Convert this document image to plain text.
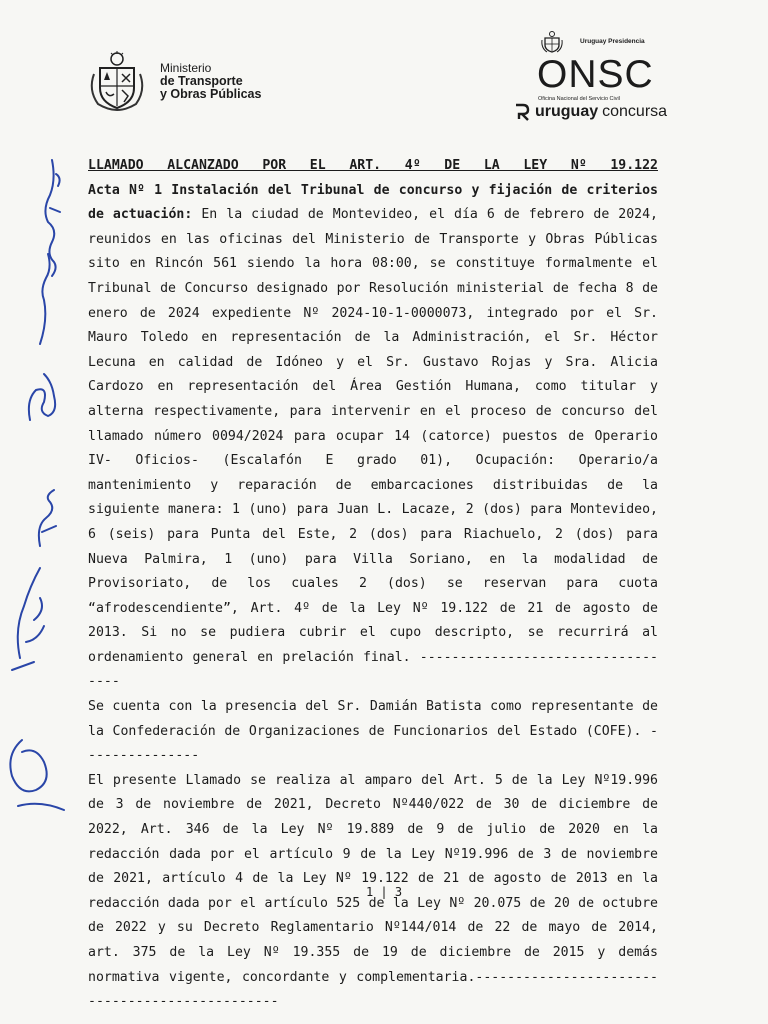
Ministerio
de Transporte
y Obras Públicas
Uruguay Presidencia
ONSC
Oficina Nacional del Servicio Civil
uruguay concursa

LLAMADO ALCANZADO POR EL ART. 4º DE LA LEY Nº 19.122

Acta Nº 1 Instalación del Tribunal de concurso y fijación de criterios de actuación: En la ciudad de Montevideo, el día 6 de febrero de 2024, reunidos en las oficinas del Ministerio de Transporte y Obras Públicas sito en Rincón 561 siendo la hora 08:00, se constituye formalmente el Tribunal de Concurso designado por Resolución ministerial de fecha 8 de enero de 2024 expediente Nº 2024-10-1-0000073, integrado por el Sr. Mauro Toledo en representación de la Administración, el Sr. Héctor Lecuna en calidad de Idóneo y el Sr. Gustavo Rojas y Sra. Alicia Cardozo en representación del Área Gestión Humana, como titular y alterna respectivamente, para intervenir en el proceso de concurso del llamado número 0094/2024 para ocupar 14 (catorce) puestos de Operario IV- Oficios- (Escalafón E grado 01), Ocupación: Operario/a mantenimiento y reparación de embarcaciones distribuidas de la siguiente manera: 1 (uno) para Juan L. Lacaze, 2 (dos) para Montevideo, 6 (seis) para Punta del Este, 2 (dos) para Riachuelo, 2 (dos) para Nueva Palmira, 1 (uno) para Villa Soriano, en la modalidad de Provisoriato, de los cuales 2 (dos) se reservan para cuota “afrodescendiente”, Art. 4º de la Ley Nº 19.122 de 21 de agosto de 2013. Si no se pudiera cubrir el cupo descripto, se recurrirá al ordenamiento general en prelación final. ----------------------------------

Se cuenta con la presencia del Sr. Damián Batista como representante de la Confederación de Organizaciones de Funcionarios del Estado (COFE). ---------------

El presente Llamado se realiza al amparo del Art. 5 de la Ley Nº19.996 de 3 de noviembre de 2021, Decreto Nº440/022 de 30 de diciembre de 2022, Art. 346 de la Ley Nº 19.889 de 9 de julio de 2020 en la redacción dada por el artículo 9 de la Ley Nº19.996 de 3 de noviembre de 2021, artículo 4 de la Ley Nº 19.122 de 21 de agosto de 2013 en la redacción dada por el artículo 525 de la Ley Nº 20.075 de 20 de octubre de 2022 y su Decreto Reglamentario Nº144/014 de 22 de mayo de 2014, art. 375 de la Ley Nº 19.355 de 19 de diciembre de 2015 y demás normativa vigente, concordante y complementaria.-----------------------------------------------

1 | 3
